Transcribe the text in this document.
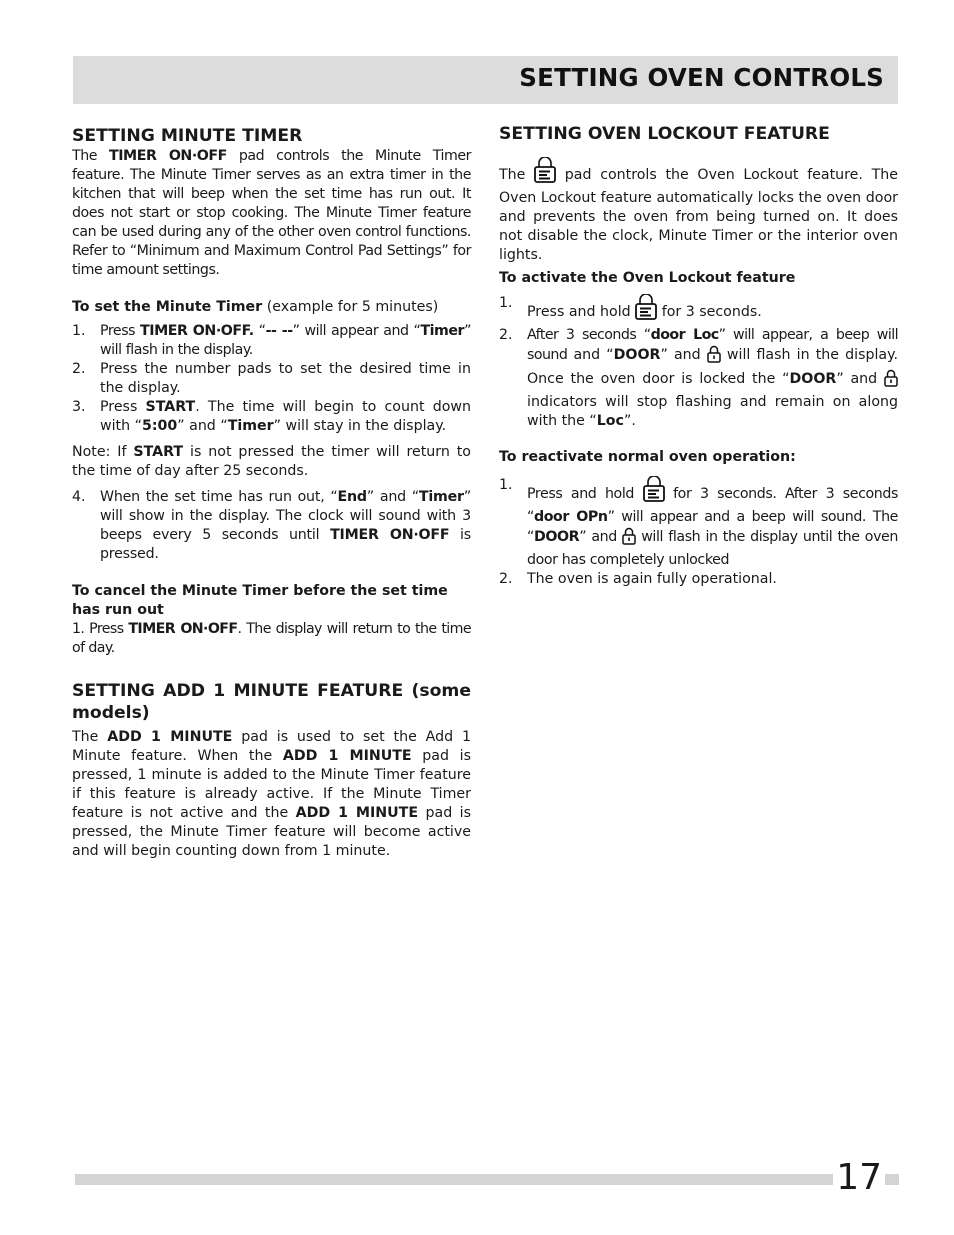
SETTING OVEN CONTROLS
SETTING MINUTE TIMER

The TIMER ON·OFF pad controls the Minute Timer feature. The Minute Timer serves as an extra timer in the kitchen that will beep when the set time has run out. It does not start or stop cooking. The Minute Timer feature can be used during any of the other oven control functions. Refer to “Minimum and Maximum Control Pad Settings” for time amount settings.

To set the Minute Timer (example for 5 minutes)

1. Press TIMER ON·OFF. “-- --” will appear and “Timer” will flash in the display.
2. Press the number pads to set the desired time in the display.
3. Press START. The time will begin to count down with “5:00” and “Timer” will stay in the display.

Note: If START is not pressed the timer will return to the time of day after 25 seconds.

4. When the set time has run out, “End” and “Timer” will show in the display. The clock will sound with 3 beeps every 5 seconds until TIMER ON·OFF is pressed.

To cancel the Minute Timer before the set time has run out

1. Press TIMER ON·OFF. The display will return to the time of day.

SETTING ADD 1 MINUTE FEATURE (some models)

The ADD 1 MINUTE pad is used to set the Add 1 Minute feature. When the ADD 1 MINUTE pad is pressed, 1 minute is added to the Minute Timer feature if this feature is already active. If the Minute Timer feature is not active and the ADD 1 MINUTE pad is pressed, the Minute Timer feature will become active and will begin counting down from 1 minute.

SETTING OVEN LOCKOUT FEATURE

The  pad controls the Oven Lockout feature. The Oven Lockout feature automatically locks the oven door and prevents the oven from being turned on. It does not disable the clock, Minute Timer or the interior oven lights.

To activate the Oven Lockout feature

1.
Press and hold  for 3 seconds.
2. After 3 seconds “door Loc” will appear, a beep will sound and “DOOR” and  will flash in the display. Once the oven door is locked the “DOOR” and  indicators will stop flashing and remain on along with the “Loc”.

To reactivate normal oven operation:

1.
Press and hold  for 3 seconds. After 3 seconds “door OPn” will appear and a beep will sound. The “DOOR” and  will flash in the display until the oven door has completely unlocked
2. The oven is again fully operational.
17
